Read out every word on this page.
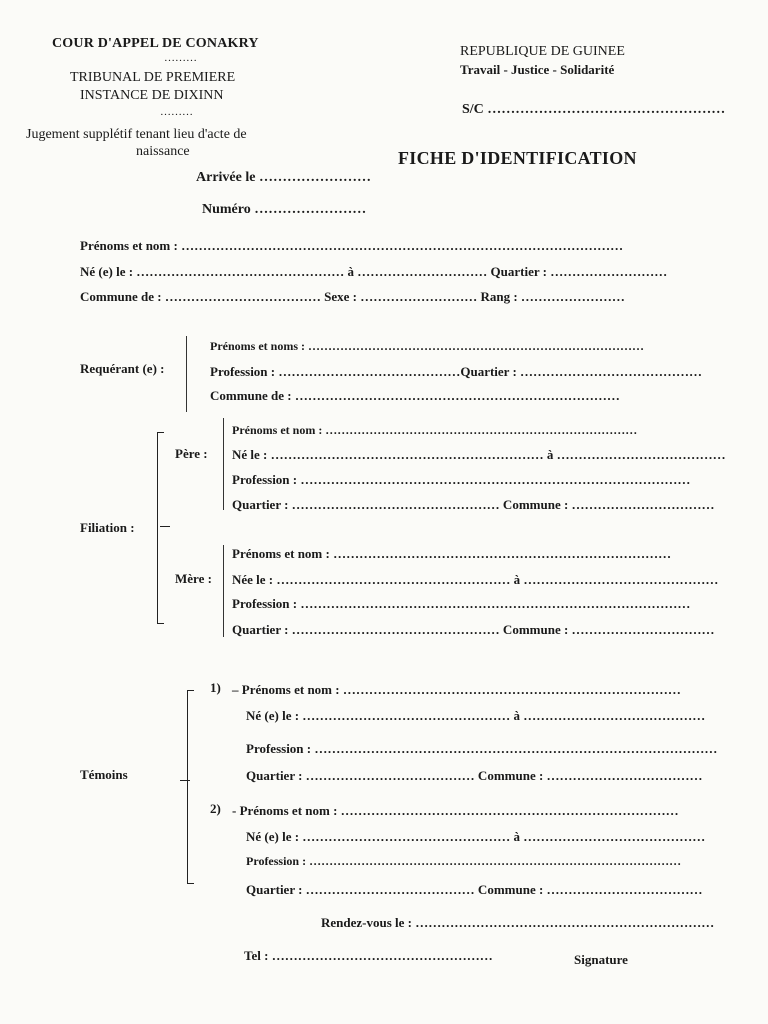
COUR D'APPEL DE CONAKRY
………
TRIBUNAL DE PREMIERE
INSTANCE DE DIXINN
………
Jugement supplétif tenant lieu d'acte de
naissance
REPUBLIQUE DE GUINEE
Travail - Justice - Solidarité
S/C ……………………………………………
FICHE D'IDENTIFICATION
Arrivée le ……………………
Numéro ……………………
Prénoms et nom : …………………………………………………………………………………………
Né (e) le : ………………………………………… à ………………………… Quartier : ………………………
Commune de : ……………………………… Sexe : ……………………… Rang : ……………………
Requérant (e) :
Prénoms et noms : …………………………………………………………………………
Profession : ……………………………………Quartier : ……………………………………
Commune de : …………………………………………………………………
Filiation :
Père :
Prénoms et nom : ……………………………………………………………………
Né le : ……………………………………………………… à …………………………………
Profession : ………………………………………………………………………………
Quartier : ………………………………………… Commune : ……………………………
Mère :
Prénoms et nom : ……………………………………………………………………
Née le : ……………………………………………… à ………………………………………
Profession : ………………………………………………………………………………
Quartier : ………………………………………… Commune : ……………………………
Témoins
1) – Prénoms et nom : ……………………………………………………………………
Né (e) le : ………………………………………… à ……………………………………
Profession : …………………………………………………………………………………
Quartier : ………………………………… Commune : ………………………………
2) - Prénoms et nom : ……………………………………………………………………
Né (e) le : ………………………………………… à ……………………………………
Profession : …………………………………………………………………………………
Quartier : ………………………………… Commune : ………………………………
Rendez-vous le : ……………………………………………………………
Tel : ……………………………………………	Signature
